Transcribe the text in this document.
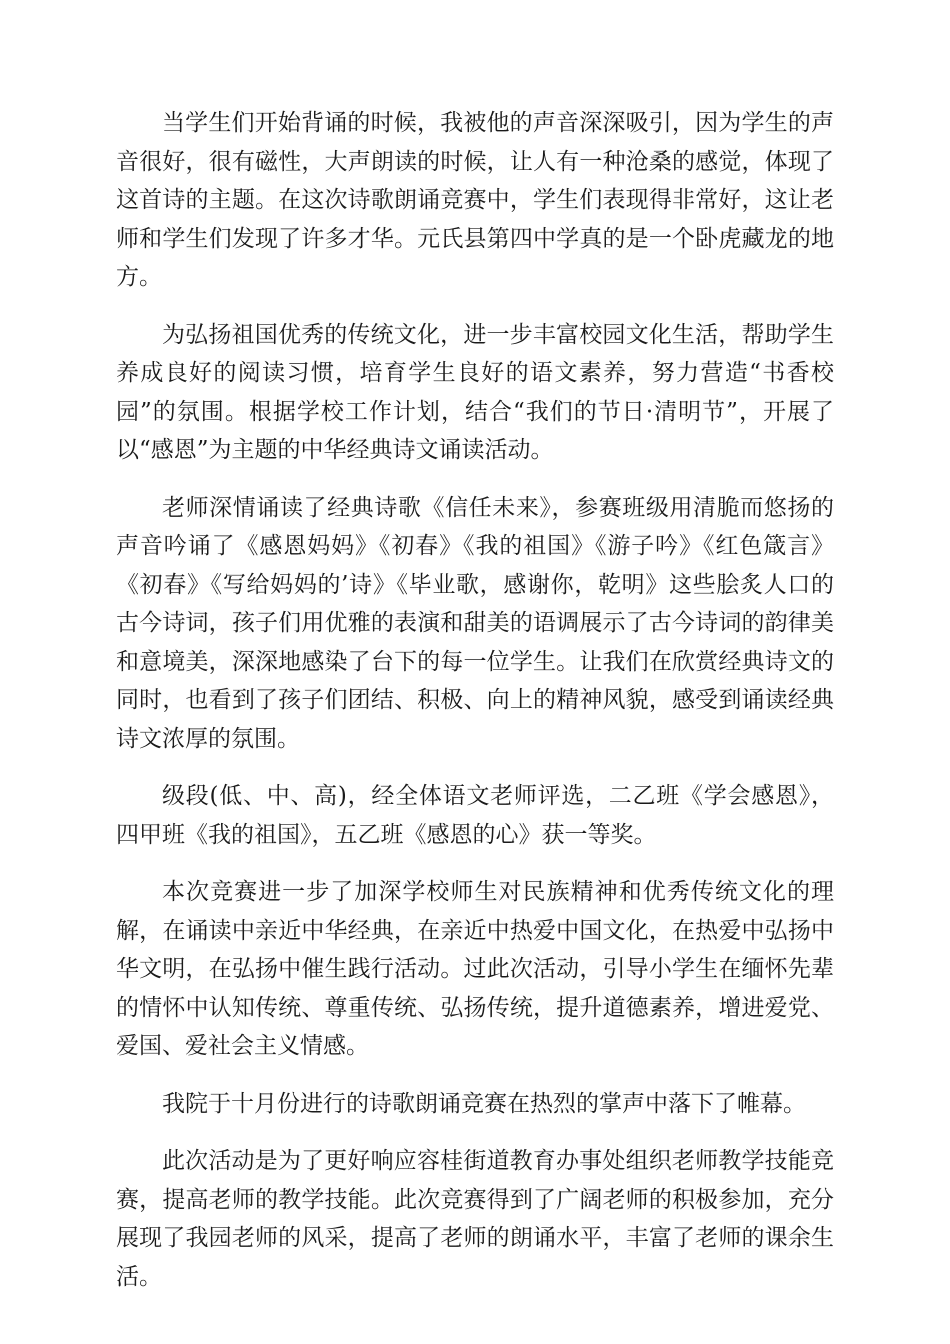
当学生们开始背诵的时候，我被他的声音深深吸引，因为学生的声音很好，很有磁性，大声朗读的时候，让人有一种沧桑的感觉，体现了这首诗的主题。在这次诗歌朗诵竞赛中，学生们表现得非常好，这让老师和学生们发现了许多才华。元氏县第四中学真的是一个卧虎藏龙的地方。

为弘扬祖国优秀的传统文化，进一步丰富校园文化生活，帮助学生养成良好的阅读习惯，培育学生良好的语文素养，努力营造“书香校园”的氛围。根据学校工作计划，结合“我们的节日·清明节”，开展了以“感恩”为主题的中华经典诗文诵读活动。

老师深情诵读了经典诗歌《信任未来》，参赛班级用清脆而悠扬的声音吟诵了《感恩妈妈》《初春》《我的祖国》《游子吟》《红色箴言》《初春》《写给妈妈的’诗》《毕业歌，感谢你，乾明》这些脍炙人口的古今诗词，孩子们用优雅的表演和甜美的语调展示了古今诗词的韵律美和意境美，深深地感染了台下的每一位学生。让我们在欣赏经典诗文的同时，也看到了孩子们团结、积极、向上的精神风貌，感受到诵读经典诗文浓厚的氛围。

级段(低、中、高)，经全体语文老师评选，二乙班《学会感恩》，四甲班《我的祖国》，五乙班《感恩的心》获一等奖。

本次竞赛进一步了加深学校师生对民族精神和优秀传统文化的理解，在诵读中亲近中华经典，在亲近中热爱中国文化，在热爱中弘扬中华文明，在弘扬中催生践行活动。过此次活动，引导小学生在缅怀先辈的情怀中认知传统、尊重传统、弘扬传统，提升道德素养，增进爱党、爱国、爱社会主义情感。

我院于十月份进行的诗歌朗诵竞赛在热烈的掌声中落下了帷幕。

此次活动是为了更好响应容桂街道教育办事处组织老师教学技能竞赛，提高老师的教学技能。此次竞赛得到了广阔老师的积极参加，充分展现了我园老师的风采，提高了老师的朗诵水平，丰富了老师的课余生活。
